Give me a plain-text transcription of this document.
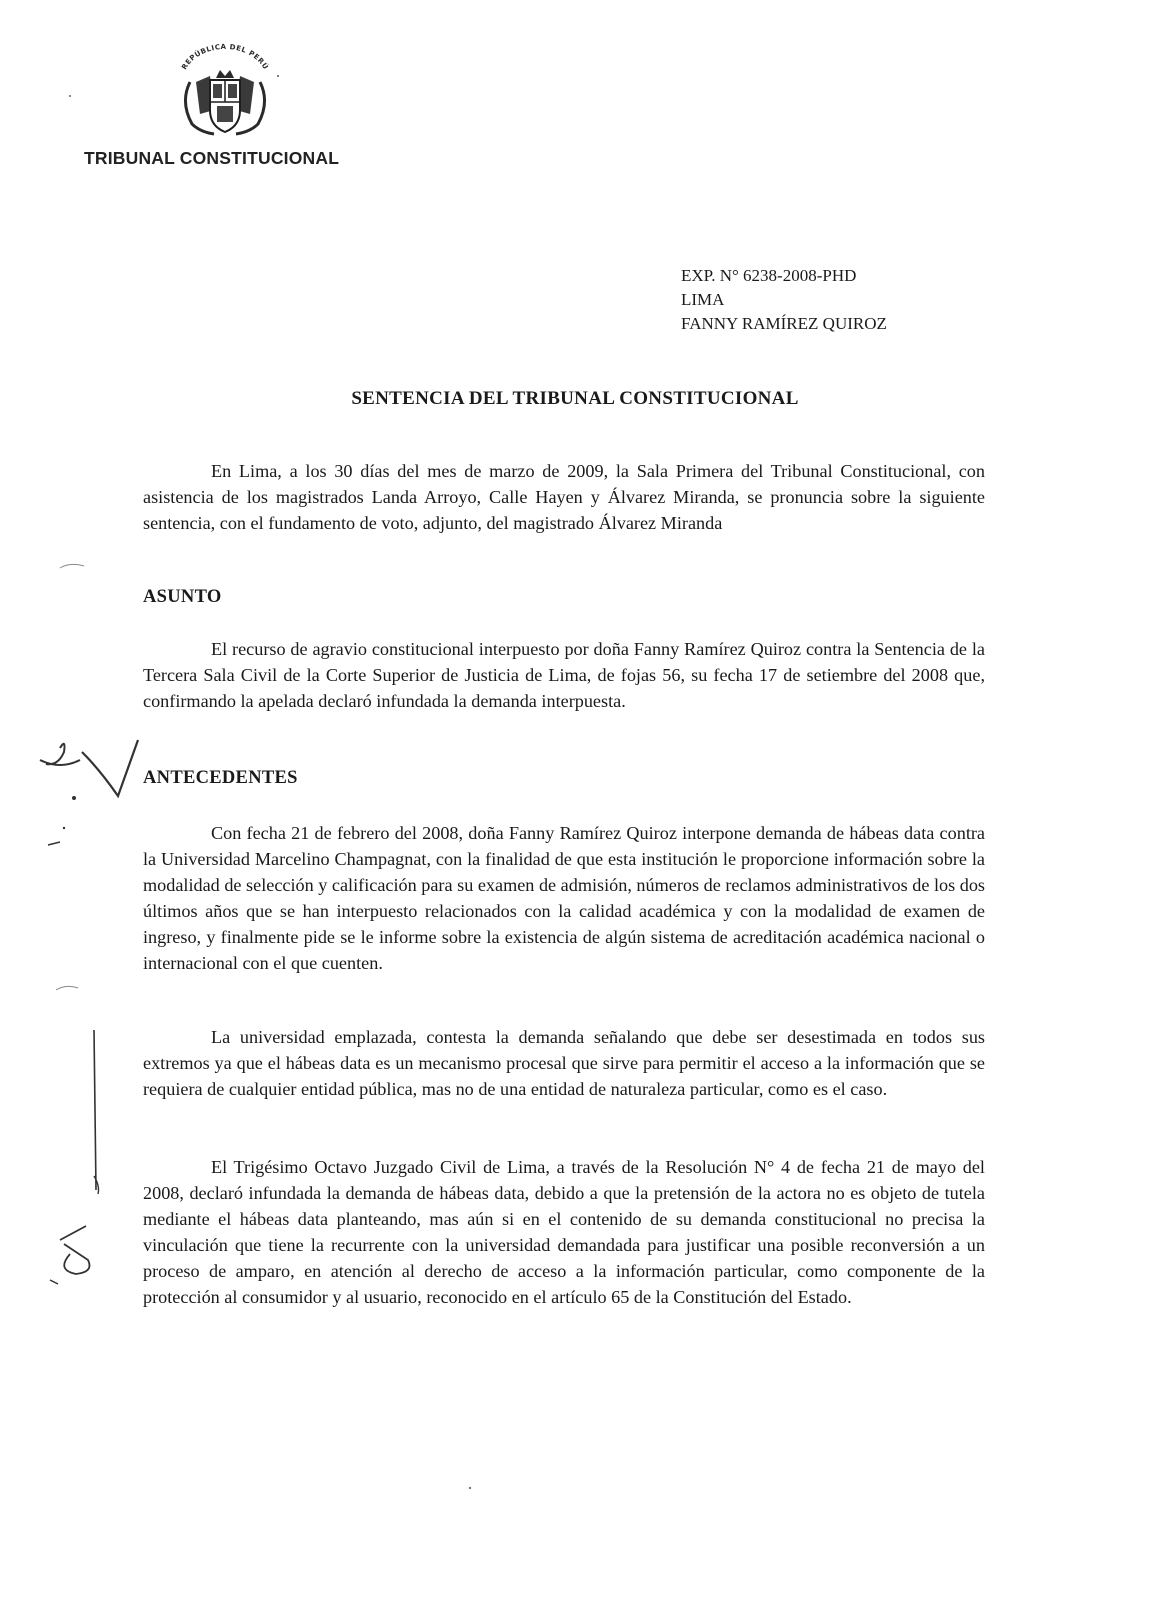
REPÚBLICA DEL PERÚ
TRIBUNAL CONSTITUCIONAL
EXP. N° 6238-2008-PHD
LIMA
FANNY RAMÍREZ QUIROZ
SENTENCIA DEL TRIBUNAL CONSTITUCIONAL
En Lima, a los 30 días del mes de marzo de 2009, la Sala Primera del Tribunal Constitucional, con asistencia de los magistrados Landa Arroyo, Calle Hayen y Álvarez Miranda, se pronuncia sobre la siguiente sentencia, con el fundamento de voto, adjunto, del magistrado Álvarez Miranda
ASUNTO
El recurso de agravio constitucional interpuesto por doña Fanny Ramírez Quiroz contra la Sentencia de la Tercera Sala Civil de la Corte Superior de Justicia de Lima, de fojas 56, su fecha 17 de setiembre del 2008 que, confirmando la apelada declaró infundada la demanda interpuesta.
ANTECEDENTES
Con fecha 21 de febrero del 2008, doña Fanny Ramírez Quiroz interpone demanda de hábeas data contra la Universidad Marcelino Champagnat, con la finalidad de que esta institución le proporcione información sobre la modalidad de selección y calificación para su examen de admisión, números de reclamos administrativos de los dos últimos años que se han interpuesto relacionados con la calidad académica y con la modalidad de examen de ingreso, y finalmente pide se le informe sobre la existencia de algún sistema de acreditación académica nacional o internacional con el que cuenten.
La universidad emplazada, contesta la demanda señalando que debe ser desestimada en todos sus extremos ya que el hábeas data es un mecanismo procesal que sirve para permitir el acceso a la información que se requiera de cualquier entidad pública, mas no de una entidad de naturaleza particular, como es el caso.
El Trigésimo Octavo Juzgado Civil de Lima, a través de la Resolución N° 4 de fecha 21 de mayo del 2008, declaró infundada la demanda de hábeas data, debido a que la pretensión de la actora no es objeto de tutela mediante el hábeas data planteando, mas aún si en el contenido de su demanda constitucional no precisa la vinculación que tiene la recurrente con la universidad demandada para justificar una posible reconversión a un proceso de amparo, en atención al derecho de acceso a la información particular, como componente de la protección al consumidor y al usuario, reconocido en el artículo 65 de la Constitución del Estado.
